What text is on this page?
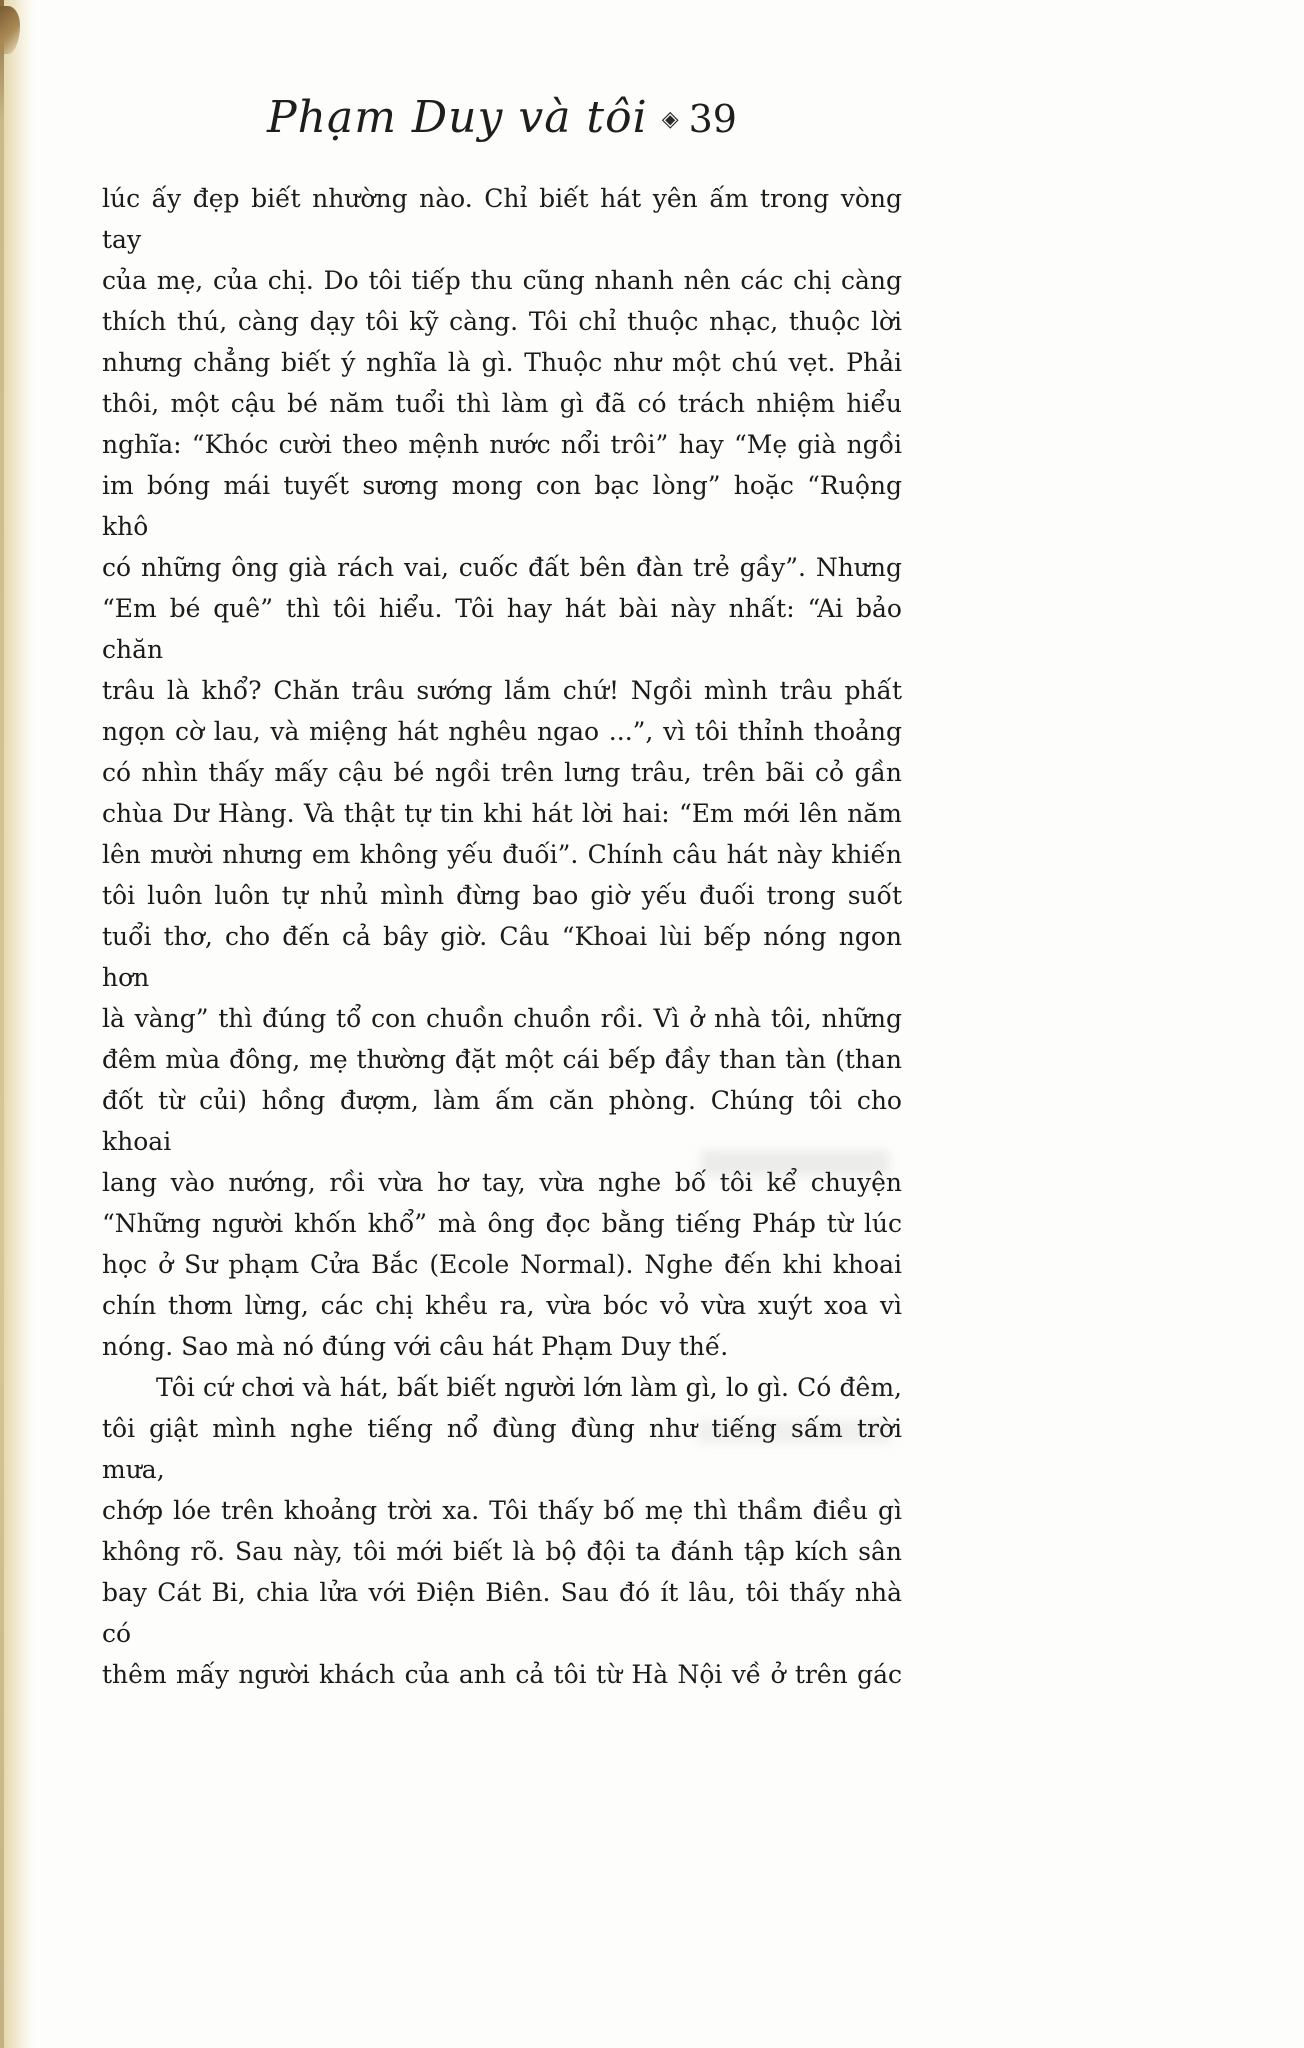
Phạm Duy và tôi ◈ 39
lúc ấy đẹp biết nhường nào. Chỉ biết hát yên ấm trong vòng tay
của mẹ, của chị. Do tôi tiếp thu cũng nhanh nên các chị càng
thích thú, càng dạy tôi kỹ càng. Tôi chỉ thuộc nhạc, thuộc lời
nhưng chẳng biết ý nghĩa là gì. Thuộc như một chú vẹt. Phải
thôi, một cậu bé năm tuổi thì làm gì đã có trách nhiệm hiểu
nghĩa: “Khóc cười theo mệnh nước nổi trôi” hay “Mẹ già ngồi
im bóng mái tuyết sương mong con bạc lòng” hoặc “Ruộng khô
có những ông già rách vai, cuốc đất bên đàn trẻ gầy”. Nhưng
“Em bé quê” thì tôi hiểu. Tôi hay hát bài này nhất: “Ai bảo chăn
trâu là khổ? Chăn trâu sướng lắm chứ! Ngồi mình trâu phất
ngọn cờ lau, và miệng hát nghêu ngao ...”, vì tôi thỉnh thoảng
có nhìn thấy mấy cậu bé ngồi trên lưng trâu, trên bãi cỏ gần
chùa Dư Hàng. Và thật tự tin khi hát lời hai: “Em mới lên năm
lên mười nhưng em không yếu đuối”. Chính câu hát này khiến
tôi luôn luôn tự nhủ mình đừng bao giờ yếu đuối trong suốt
tuổi thơ, cho đến cả bây giờ. Câu “Khoai lùi bếp nóng ngon hơn
là vàng” thì đúng tổ con chuồn chuồn rồi. Vì ở nhà tôi, những
đêm mùa đông, mẹ thường đặt một cái bếp đầy than tàn (than
đốt từ củi) hồng đượm, làm ấm căn phòng. Chúng tôi cho khoai
lang vào nướng, rồi vừa hơ tay, vừa nghe bố tôi kể chuyện
“Những người khốn khổ” mà ông đọc bằng tiếng Pháp từ lúc
học ở Sư phạm Cửa Bắc (Ecole Normal). Nghe đến khi khoai
chín thơm lừng, các chị khều ra, vừa bóc vỏ vừa xuýt xoa vì
nóng. Sao mà nó đúng với câu hát Phạm Duy thế.
Tôi cứ chơi và hát, bất biết người lớn làm gì, lo gì. Có đêm,
tôi giật mình nghe tiếng nổ đùng đùng như tiếng sấm trời mưa,
chớp lóe trên khoảng trời xa. Tôi thấy bố mẹ thì thầm điều gì
không rõ. Sau này, tôi mới biết là bộ đội ta đánh tập kích sân
bay Cát Bi, chia lửa với Điện Biên. Sau đó ít lâu, tôi thấy nhà có
thêm mấy người khách của anh cả tôi từ Hà Nội về ở trên gác
